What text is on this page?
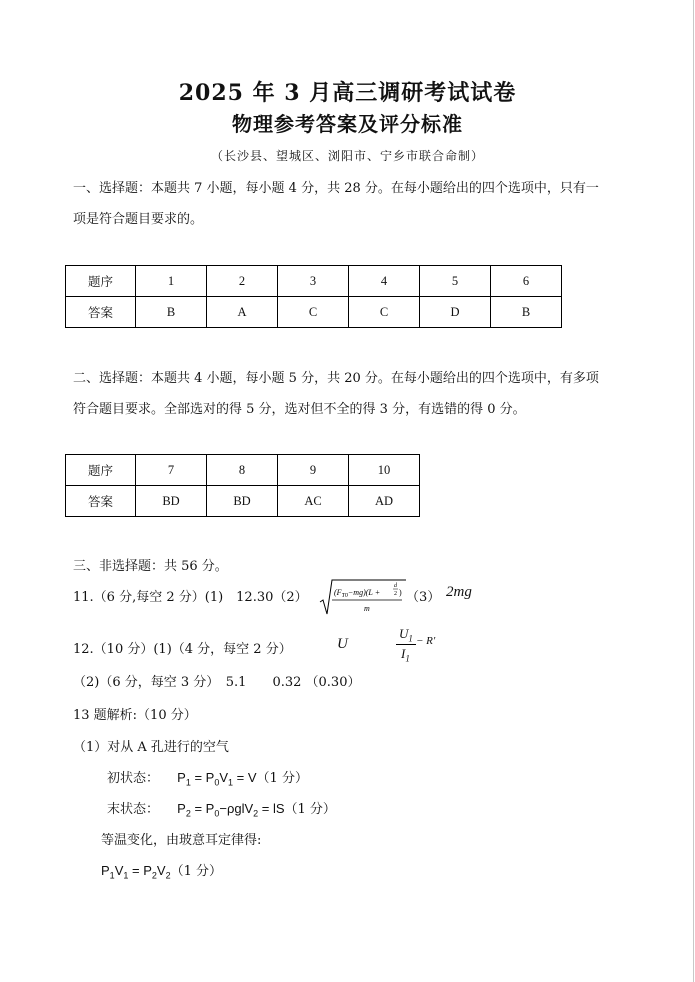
2025 年 3 月高三调研考试试卷
物理参考答案及评分标准
（长沙县、望城区、浏阳市、宁乡市联合命制）
一、选择题：本题共 7 小题，每小题 4 分，共 28 分。在每小题给出的四个选项中，只有一
项是符合题目要求的。
题序	1	2	3	4	5	6
答案	B	A	C	C	D	B
二、选择题：本题共 4 小题，每小题 5 分，共 20 分。在每小题给出的四个选项中，有多项
符合题目要求。全部选对的得 5 分，选对但不全的得 3 分，有选错的得 0 分。
题序	7	8	9	10
答案	BD	BD	AC	AD
三、非选择题：共 56 分。
11.（6 分,每空 2 分）(1)　12.30（2）	$(F_{T0}-mg)(L$ +
d
2 )
m
（3） 2mg
12.（10 分）(1)（4 分，每空 2 分）	U
$U_1$
$I_1$
− R'
（2)（6 分，每空 3 分）　5.1　　0.32 （0.30）
13 题解析:（10 分）
（1）对从 A 孔进行的空气
初状态： $P_1 = P_0V_1 = V(1$ 分）
末状态： $P_2 = P_0-\rho glV_2 = lS(1$ 分）
等温变化，由玻意耳定律得:
$P_1V_1 = P_2V_2(1$ 分）
